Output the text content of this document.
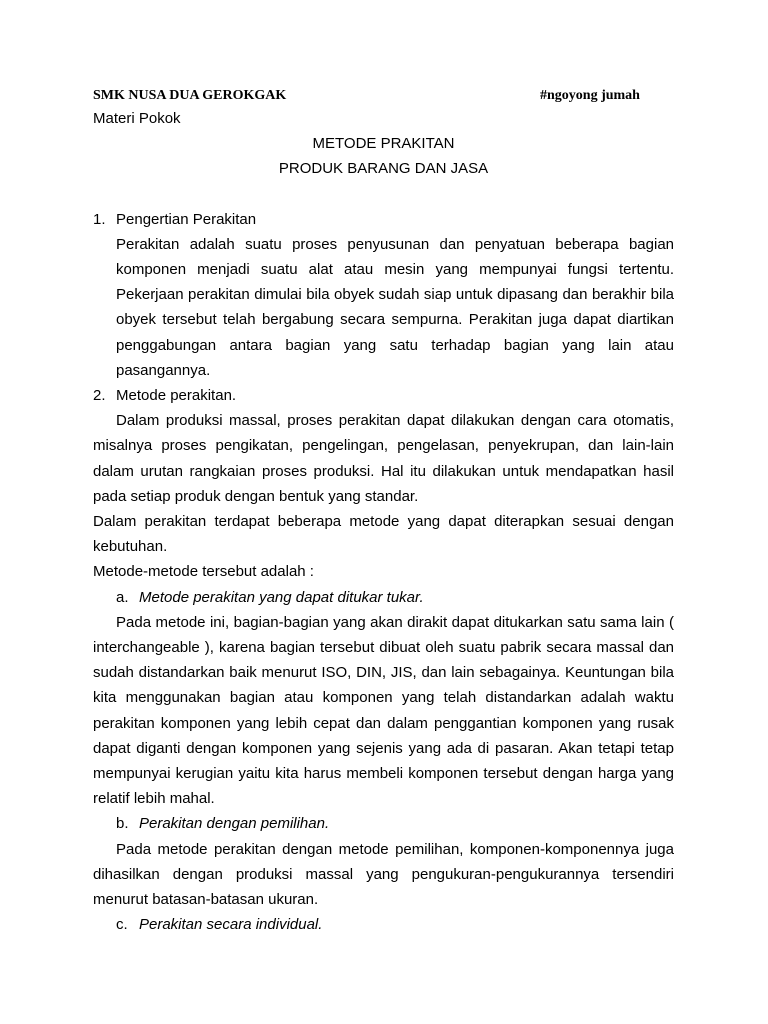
SMK NUSA DUA GEROKGAK	#ngoyong jumah

Materi Pokok

METODE PRAKITAN

PRODUK BARANG DAN JASA

1. Pengertian Perakitan

Perakitan adalah suatu proses penyusunan dan penyatuan beberapa bagian komponen menjadi suatu alat atau mesin yang mempunyai fungsi tertentu. Pekerjaan perakitan dimulai bila obyek sudah siap untuk dipasang dan berakhir bila obyek tersebut telah bergabung secara sempurna. Perakitan juga dapat diartikan penggabungan antara bagian yang satu terhadap bagian yang lain atau pasangannya.

2. Metode perakitan.

Dalam produksi massal, proses perakitan dapat dilakukan dengan cara otomatis, misalnya proses pengikatan, pengelingan, pengelasan, penyekrupan, dan lain-lain dalam urutan rangkaian proses produksi. Hal itu dilakukan untuk mendapatkan hasil pada setiap produk dengan bentuk yang standar.

Dalam perakitan terdapat beberapa metode yang dapat diterapkan sesuai dengan kebutuhan.

Metode-metode tersebut adalah :

a. Metode perakitan yang dapat ditukar tukar.

Pada metode ini, bagian-bagian yang akan dirakit dapat ditukarkan satu sama lain ( interchangeable ), karena bagian tersebut dibuat oleh suatu pabrik secara massal dan sudah distandarkan baik menurut ISO, DIN, JIS, dan lain sebagainya. Keuntungan bila kita menggunakan bagian atau komponen yang telah distandarkan adalah waktu perakitan komponen yang lebih cepat dan dalam penggantian komponen yang rusak dapat diganti dengan komponen yang sejenis yang ada di pasaran. Akan tetapi tetap mempunyai kerugian yaitu kita harus membeli komponen tersebut dengan harga yang relatif lebih mahal.

b. Perakitan dengan pemilihan.

Pada metode perakitan dengan metode pemilihan, komponen-komponennya juga dihasilkan dengan produksi massal yang pengukuran-pengukurannya tersendiri menurut batasan-batasan ukuran.

c. Perakitan secara individual.
